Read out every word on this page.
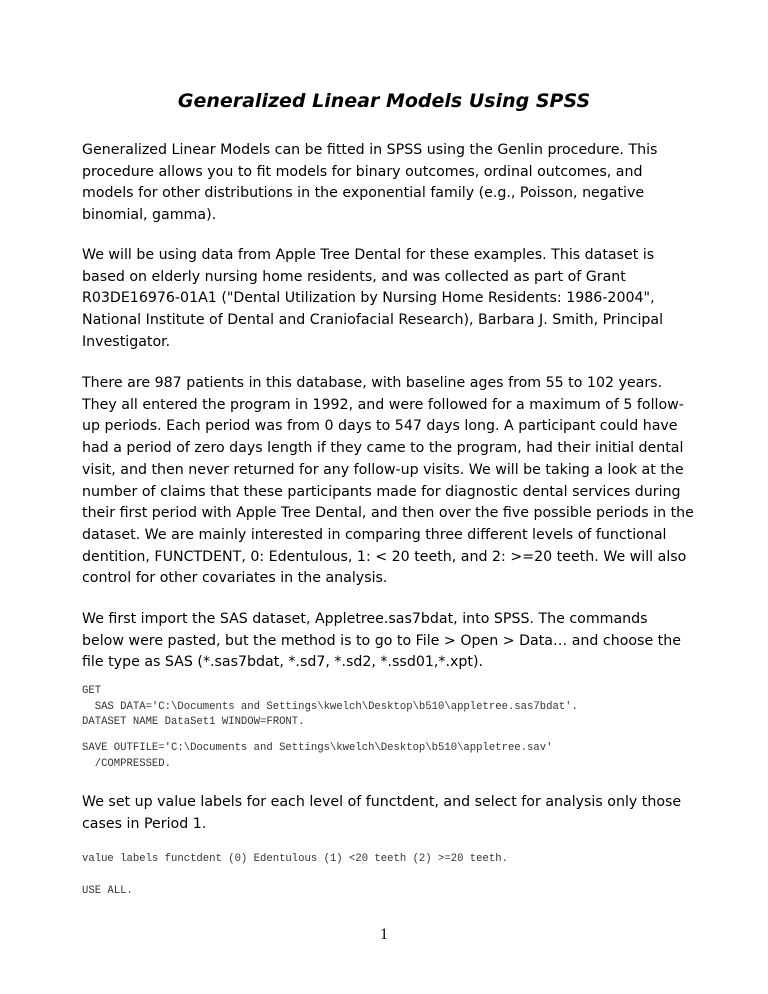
Generalized Linear Models Using SPSS

Generalized Linear Models can be fitted in SPSS using the Genlin procedure. This procedure allows you to fit models for binary outcomes, ordinal outcomes, and models for other distributions in the exponential family (e.g., Poisson, negative binomial, gamma).

We will be using data from Apple Tree Dental for these examples. This dataset is based on elderly nursing home residents, and was collected as part of Grant R03DE16976-01A1 ("Dental Utilization by Nursing Home Residents: 1986-2004", National Institute of Dental and Craniofacial Research), Barbara J. Smith, Principal Investigator.

There are 987 patients in this database, with baseline ages from 55 to 102 years. They all entered the program in 1992, and were followed for a maximum of 5 follow-up periods. Each period was from 0 days to 547 days long. A participant could have had a period of zero days length if they came to the program, had their initial dental visit, and then never returned for any follow-up visits. We will be taking a look at the number of claims that these participants made for diagnostic dental services during their first period with Apple Tree Dental, and then over the five possible periods in the dataset. We are mainly interested in comparing three different levels of functional dentition, FUNCTDENT, 0: Edentulous, 1: < 20 teeth, and 2: >=20 teeth. We will also control for other covariates in the analysis.

We first import the SAS dataset, Appletree.sas7bdat, into SPSS. The commands below were pasted, but the method is to go to File > Open > Data… and choose the file type as SAS (*.sas7bdat, *.sd7, *.sd2, *.ssd01,*.xpt).

GET
SAS DATA='C:\Documents and Settings\kwelch\Desktop\b510\appletree.sas7bdat'.
DATASET NAME DataSet1 WINDOW=FRONT.
SAVE OUTFILE='C:\Documents and Settings\kwelch\Desktop\b510\appletree.sav'
/COMPRESSED.

We set up value labels for each level of functdent, and select for analysis only those cases in Period 1.

value labels functdent (0) Edentulous (1) <20 teeth (2) >=20 teeth.
USE ALL.
1
